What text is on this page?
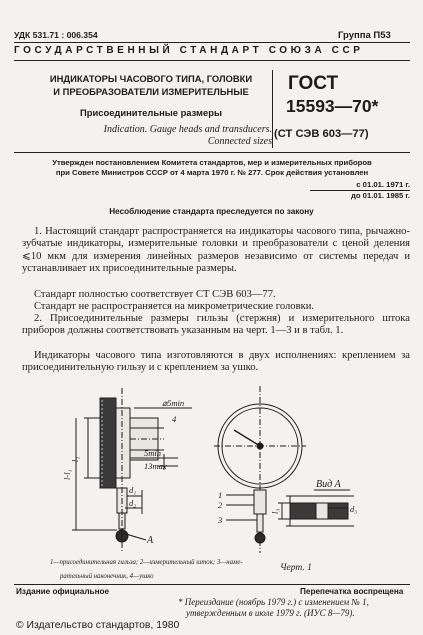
УДК 531.71 : 006.354	Группа П53
ГОСУДАРСТВЕННЫЙ СТАНДАРТ СОЮЗА ССР
ИНДИКАТОРЫ ЧАСОВОГО ТИПА, ГОЛОВКИ
И ПРЕОБРАЗОВАТЕЛИ ИЗМЕРИТЕЛЬНЫЕ
Присоединительные размеры
Indication. Gauge heads and transducers.
Connected sizes
ГОСТ
15593—70*
(СТ СЭВ 603—77)
Утвержден постановлением Комитета стандартов, мер и измерительных приборов
при Совете Министров СССР от 4 марта 1970 г. № 277. Срок действия установлен
с 01.01. 1971 г.
до 01.01. 1985 г.
Несоблюдение стандарта преследуется по закону
1. Настоящий стандарт распространяется на индикаторы часового типа, рычажно-зубчатые индикаторы, измерительные головки и преобразователи с ценой деления ⩽10 мкм для измерения линейных размеров независимо от системы передач и устанавливает их присоединительные размеры.
Стандарт полностью соответствует СТ СЭВ 603—77.
Стандарт не распространяется на микрометрические головки.
2. Присоединительные размеры гильзы (стержня) и измерительного штока приборов должны соответствовать указанным на черт. 1—3 и в табл. 1.
Индикаторы часового типа изготовляются в двух исполнениях: креплением за присоединительную гильзу и с креплением за ушко.
⌀5min
4
5min
13max
l₁
l-l₁
d₁
d₂
A
1
2
3
Вид A
l₃	d₃
1—присоединительная гильза; 2—измерительный шток; 3—наме-
рательный наконечник, 4—ушко
Черт. 1
Издание официальное	Перепечатка воспрещена
* Переиздание (ноябрь 1979 г.) с изменением № 1,
утвержденным в июле 1979 г. (ИУС 8—79).
© Издательство стандартов, 1980
